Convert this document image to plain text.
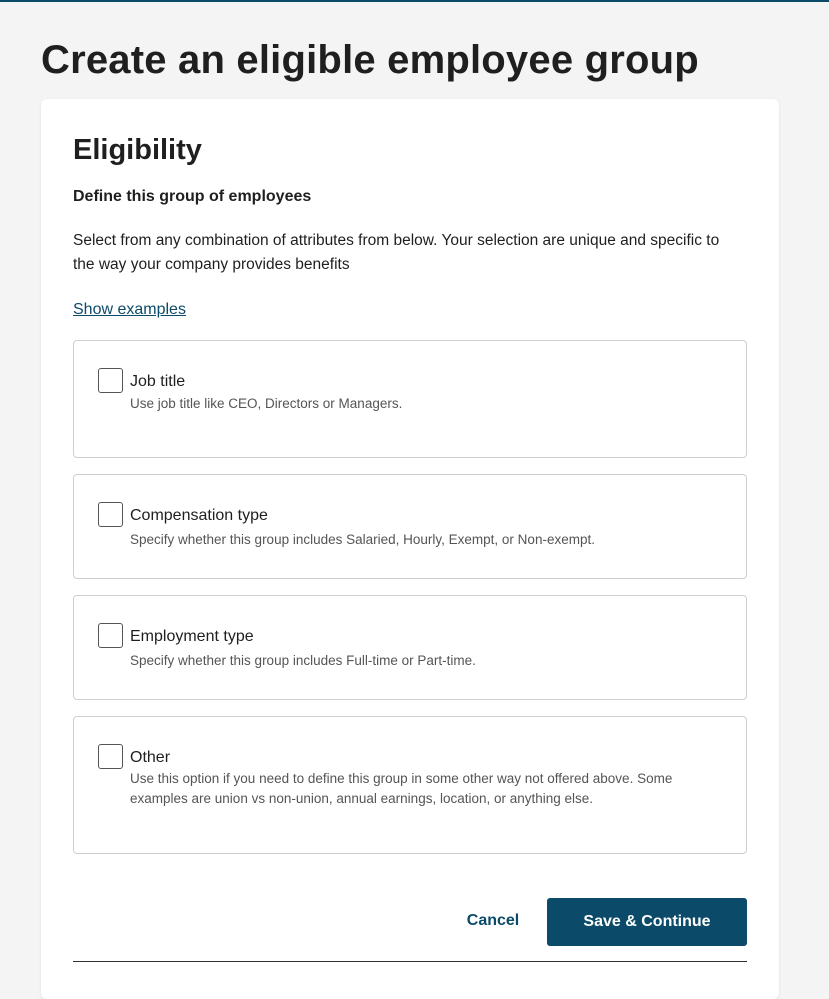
Create an eligible employee group
Eligibility
Define this group of employees

Select from any combination of attributes from below. Your selection are unique and specific to the way your company provides benefits

Show examples
Job title
Use job title like CEO, Directors or Managers.
Compensation type
Specify whether this group includes Salaried, Hourly, Exempt, or Non-exempt.
Employment type
Specify whether this group includes Full-time or Part-time.
Other
Use this option if you need to define this group in some other way not offered above. Some examples are union vs non-union, annual earnings, location, or anything else.
Cancel	Save & Continue
